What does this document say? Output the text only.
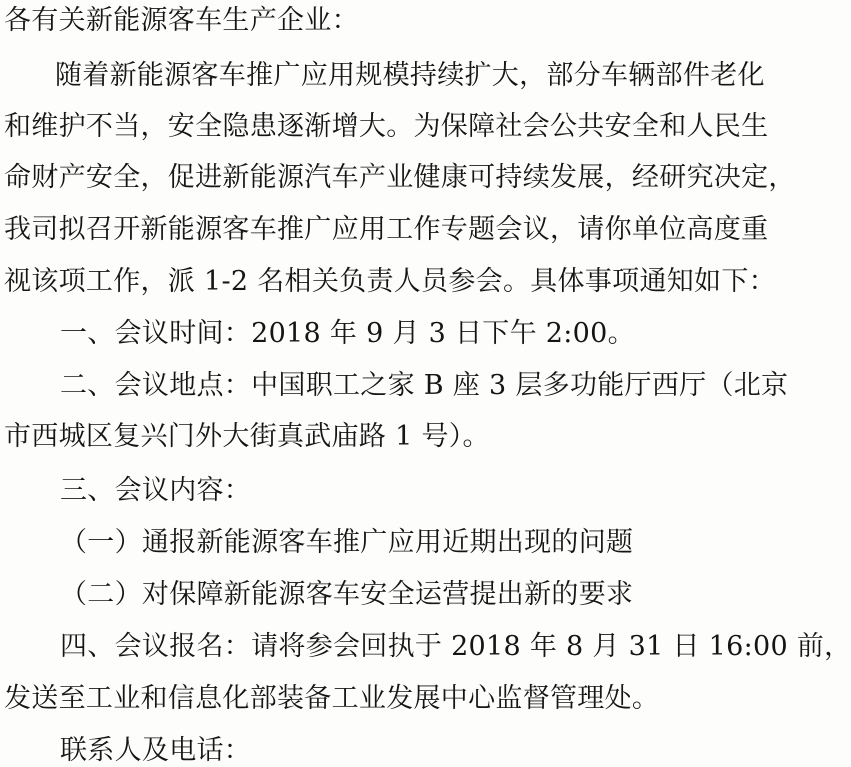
各有关新能源客车生产企业：
随着新能源客车推广应用规模持续扩大，部分车辆部件老化
和维护不当，安全隐患逐渐增大。为保障社会公共安全和人民生
命财产安全，促进新能源汽车产业健康可持续发展，经研究决定，
我司拟召开新能源客车推广应用工作专题会议，请你单位高度重
视该项工作，派 1-2 名相关负责人员参会。具体事项通知如下：
一、会议时间：2018 年 9 月 3 日下午 2:00。
二、会议地点：中国职工之家 B 座 3 层多功能厅西厅（北京
市西城区复兴门外大街真武庙路 1 号）。
三、会议内容：
（一）通报新能源客车推广应用近期出现的问题
（二）对保障新能源客车安全运营提出新的要求
四、会议报名：请将参会回执于 2018 年 8 月 31 日 16:00 前，
发送至工业和信息化部装备工业发展中心监督管理处。
联系人及电话：
